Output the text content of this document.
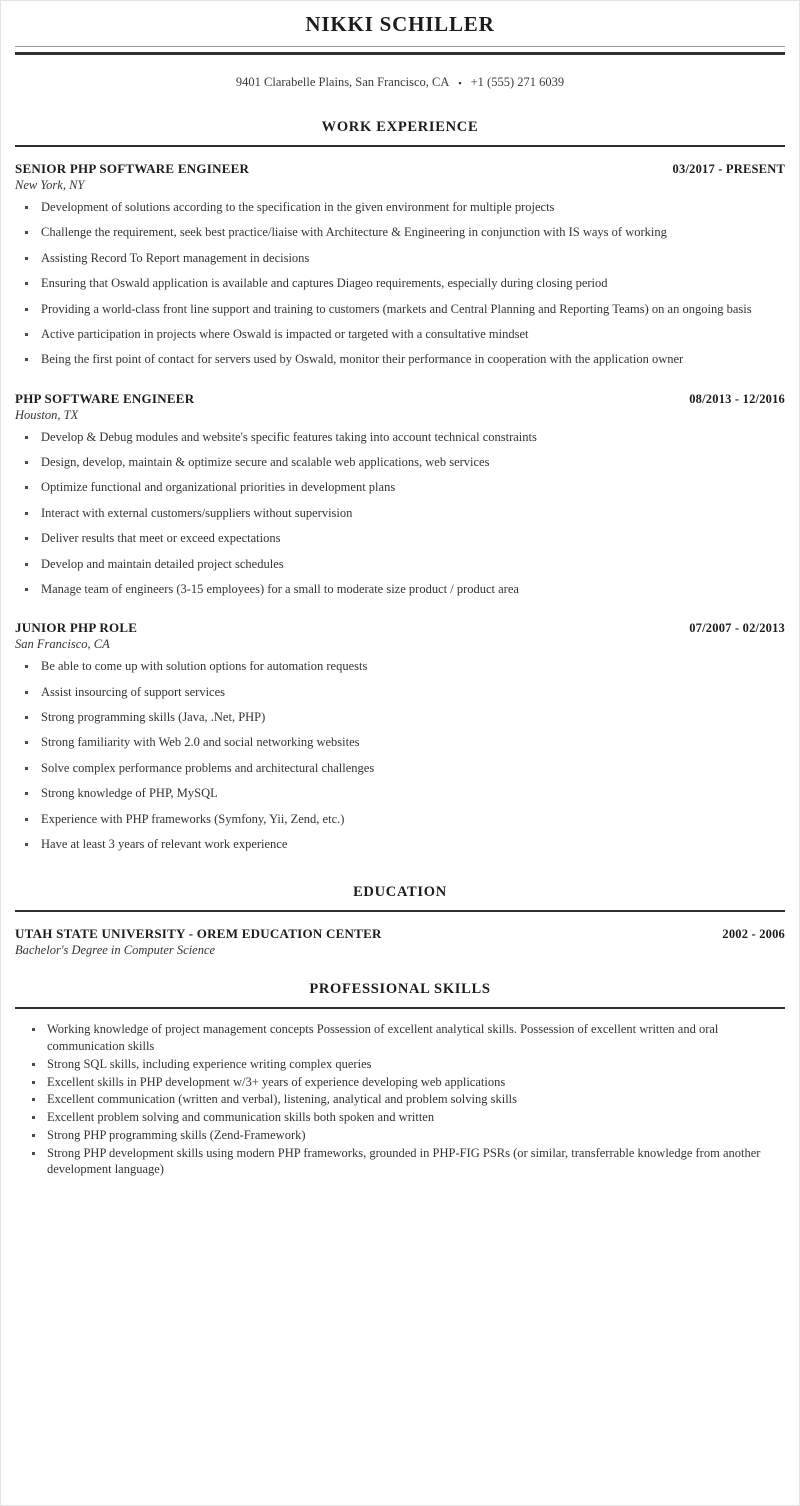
NIKKI SCHILLER
9401 Clarabelle Plains, San Francisco, CA ▪ +1 (555) 271 6039
WORK EXPERIENCE
SENIOR PHP SOFTWARE ENGINEER	03/2017 - PRESENT
New York, NY
Development of solutions according to the specification in the given environment for multiple projects
Challenge the requirement, seek best practice/liaise with Architecture & Engineering in conjunction with IS ways of working
Assisting Record To Report management in decisions
Ensuring that Oswald application is available and captures Diageo requirements, especially during closing period
Providing a world-class front line support and training to customers (markets and Central Planning and Reporting Teams) on an ongoing basis
Active participation in projects where Oswald is impacted or targeted with a consultative mindset
Being the first point of contact for servers used by Oswald, monitor their performance in cooperation with the application owner
PHP SOFTWARE ENGINEER	08/2013 - 12/2016
Houston, TX
Develop & Debug modules and website's specific features taking into account technical constraints
Design, develop, maintain & optimize secure and scalable web applications, web services
Optimize functional and organizational priorities in development plans
Interact with external customers/suppliers without supervision
Deliver results that meet or exceed expectations
Develop and maintain detailed project schedules
Manage team of engineers (3-15 employees) for a small to moderate size product / product area
JUNIOR PHP ROLE	07/2007 - 02/2013
San Francisco, CA
Be able to come up with solution options for automation requests
Assist insourcing of support services
Strong programming skills (Java, .Net, PHP)
Strong familiarity with Web 2.0 and social networking websites
Solve complex performance problems and architectural challenges
Strong knowledge of PHP, MySQL
Experience with PHP frameworks (Symfony, Yii, Zend, etc.)
Have at least 3 years of relevant work experience
EDUCATION
UTAH STATE UNIVERSITY - OREM EDUCATION CENTER	2002 - 2006
Bachelor's Degree in Computer Science
PROFESSIONAL SKILLS
Working knowledge of project management concepts Possession of excellent analytical skills. Possession of excellent written and oral communication skills
Strong SQL skills, including experience writing complex queries
Excellent skills in PHP development w/3+ years of experience developing web applications
Excellent communication (written and verbal), listening, analytical and problem solving skills
Excellent problem solving and communication skills both spoken and written
Strong PHP programming skills (Zend-Framework)
Strong PHP development skills using modern PHP frameworks, grounded in PHP-FIG PSRs (or similar, transferrable knowledge from another development language)
